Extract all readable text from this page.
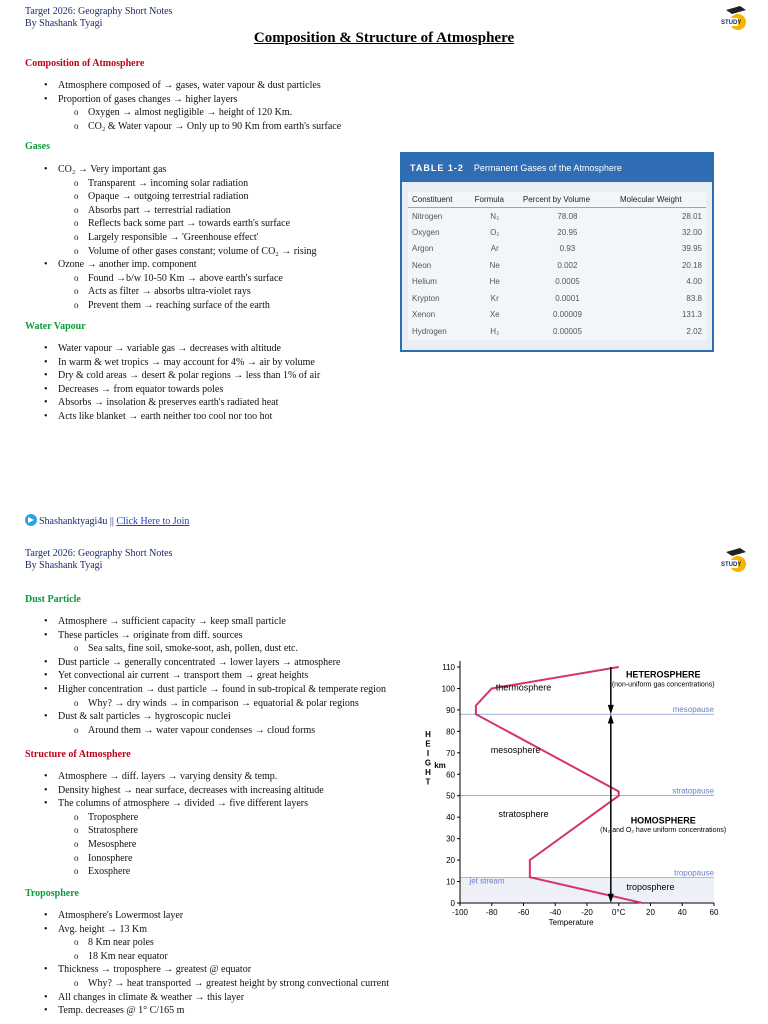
Target 2026: Geography Short Notes
By Shashank Tyagi	STUDY
Composition & Structure of Atmosphere
Composition of Atmosphere
• Atmosphere composed of → gases, water vapour & dust particles
• Proportion of gases changes → higher layers
o Oxygen → almost negligible → height of 120 Km.
o CO₂ & Water vapour → Only up to 90 Km from earth's surface
Gases
• CO₂ → Very important gas
o Transparent → incoming solar radiation
o Opaque → outgoing terrestrial radiation
o Absorbs part → terrestrial radiation
o Reflects back some part → towards earth's surface
o Largely responsible → 'Greenhouse effect'
o Volume of other gases constant; volume of CO₂ → rising
• Ozone → another imp. component
o Found →b/w 10-50 Km → above earth's surface
o Acts as filter → absorbs ultra-violet rays
o Prevent them → reaching surface of the earth
Water Vapour
• Water vapour → variable gas → decreases with altitude
• In warm & wet tropics → may account for 4% → air by volume
• Dry & cold areas → desert & polar regions → less than 1% of air
• Decreases → from equator towards poles
• Absorbs → insolation & preserves earth's radiated heat
• Acts like blanket → earth neither too cool nor too hot
TABLE 1-2 Permanent Gases of the Atmosphere
Constituent	Formula	Percent by Volume	Molecular Weight
Nitrogen	N₂	78.08	28.01
Oxygen	O₂	20.95	32.00
Argon	Ar	0.93	39.95
Neon	Ne	0.002	20.18
Helium	He	0.0005	4.00
Krypton	Kr	0.0001	83.8
Xenon	Xe	0.00009	131.3
Hydrogen	H₂	0.00005	2.02
Shashanktyagi4u || Click Here to Join
Target 2026: Geography Short Notes
By Shashank Tyagi	STUDY
Dust Particle
• Atmosphere → sufficient capacity → keep small particle
• These particles → originate from diff. sources
o Sea salts, fine soil, smoke-soot, ash, pollen, dust etc.
• Dust particle → generally concentrated → lower layers → atmosphere
• Yet convectional air current → transport them → great heights
• Higher concentration → dust particle → found in sub-tropical & temperate region
o Why? → dry winds → in comparison → equatorial & polar regions
• Dust & salt particles → hygroscopic nuclei
o Around them → water vapour condenses → cloud forms
Structure of Atmosphere
• Atmosphere → diff. layers → varying density & temp.
• Density highest → near surface, decreases with increasing altitude
• The columns of atmosphere → divided → five different layers
o Troposphere
o Stratosphere
o Mesosphere
o Ionosphere
o Exosphere
Troposphere
• Atmosphere's Lowermost layer
• Avg. height → 13 Km
o 8 Km near poles
o 18 Km near equator
• Thickness → troposphere → greatest @ equator
o Why? → heat transported → greatest height by strong convectional current
• All changes in climate & weather → this layer
• Temp. decreases @ 1° C/165 m
tropopause
stratopause
mesopause
0
10
20
30
40
50
60
70
80
90
100
110
-100 -80	-60	-40	-20 0°C	20	40	60
Temperature
H
E
I
G
H
T
km
thermosphere
mesosphere
stratosphere
troposphere
jet stream
HETEROSPHERE
(non-uniform gas concentrations)
HOMOSPHERE
(N₂ and O₂ have uniform concentrations)
